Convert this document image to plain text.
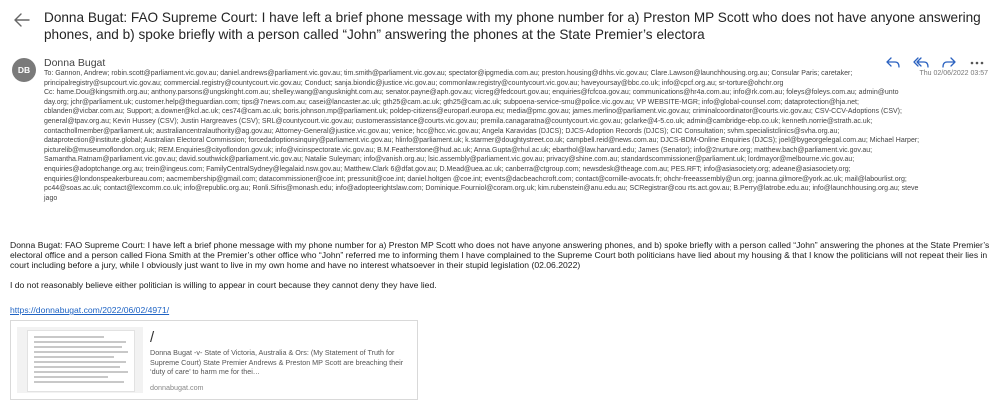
Donna Bugat: FAO Supreme Court: I have left a brief phone message with my phone number for a) Preston MP Scott who does not have anyone answering phones, and b) spoke briefly with a person called “John” answering the phones at the State Premier’s electora
DB
Donna Bugat
Thu 02/06/2022 03:57
To: Gannon, Andrew; robin.scott@parliament.vic.gov.au; daniel.andrews@parliament.vic.gov.au; tim.smith@parliament.vic.gov.au; spectator@ipgmedia.com.au; preston.housing@dhhs.vic.gov.au; Clare.Lawson@launchhousing.org.au; Consular Paris; caretaker; principalregistry@supcourt.vic.gov.au; commercial.registry@countycourt.vic.gov.au; Conduct; sanja.biondic@justice.vic.gov.au; commonlaw.registry@countycourt.vic.gov.au; haveyoursay@bbc.co.uk; info@cpcf.org.au; sr-torture@ohchr.org
Cc: hame.Dou@kingsmith.org.au; anthony.parsons@ungskinght.com.au; shelley.wang@angusknight.com.au; senator.payne@aph.gov.au; vicreg@fedcourt.gov.au; enquiries@fcfcoa.gov.au; communications@hr4a.com.au; info@rk.com.au; foleys@foleys.com.au; admin@unto day.org; jchr@parliament.uk; customer.help@theguardian.com; tips@7news.com.au; casei@lancaster.ac.uk; gth25@cam.ac.uk; gth25@cam.ac.uk; subpoena-service-smu@police.vic.gov.au; VP WEBSITE-MGR; info@global-counsel.com; dataprotection@hja.net; cblanden@vicbar.com.au; Support; a.downer@kcl.ac.uk; ces74@cam.ac.uk; boris.johnson.mp@parliament.uk; poldep-citizens@europarl.europa.eu; media@pmc.gov.au; james.merlino@parliament.vic.gov.au; criminalcoordinator@courts.vic.gov.au; CSV-CCV-Adoptions (CSV); general@tpav.org.au; Kevin Hussey (CSV); Justin Hargreaves (CSV); SRL@countycourt.vic.gov.au; customerassistance@courts.vic.gov.au; premila.canagaratna@countycourt.vic.gov.au; gclarke@4-5.co.uk; admin@cambridge-ebp.co.uk; kenneth.norrie@strath.ac.uk; contacthollmember@parliament.uk; australiancentralauthority@ag.gov.au; Attorney-General@justice.vic.gov.au; venice; hcc@hcc.vic.gov.au; Angela Karavidas (DJCS); DJCS-Adoption Records (DJCS); CIC Consultation; svhm.specialistclinics@svha.org.au; dataprotection@institute.global; Australian Electoral Commission; forcedadoptionsinquiry@parliament.vic.gov.au; hlinfo@parliament.uk; k.starmer@doughtystreet.co.uk; campbell.reid@news.com.au; DJCS-BDM-Online Enquiries (DJCS); joel@bygeorgelegal.com.au; Michael Harper; picturelib@museumoflondon.org.uk; REM.Enquiries@cityoflondon.gov.uk; info@vicinspectorate.vic.gov.au; B.M.Featherstone@hud.ac.uk; Anna.Gupta@rhul.ac.uk; ebarthol@law.harvard.edu; James (Senator); info@2nurture.org; matthew.bach@parliament.vic.gov.au; Samantha.Ratnam@parliament.vic.gov.au; david.southwick@parliament.vic.gov.au; Natalie Suleyman; info@vanish.org.au; lsic.assembly@parliament.vic.gov.au; privacy@shine.com.au; standardscommissioner@parliament.uk; lordmayor@melbourne.vic.gov.au; enquiries@adoptchange.org.au; trein@ingeus.com; FamilyCentralSydney@legalaid.nsw.gov.au; Matthew.Clark 6@dfat.gov.au; D.Mead@uea.ac.uk; canberra@ctgroup.com; newsdesk@theage.com.au; PES.RFT; info@asiasociety.org; adeane@asiasociety.org; enquiries@londonspeakerbureau.com; aacmembership@gmail.com; datacommissioner@coe.int; pressunit@coe.int; daniel.holtgen @coe.int; events@dacbeachcroft.com; contact@cornille-avocats.fr; ohchr-freeassembly@un.org; joanna.gilmore@york.ac.uk; mail@labourlist.org; pc44@soas.ac.uk; contact@lexcomm.co.uk; info@republic.org.au; Ronli.Sifris@monash.edu; info@adopteerightslaw.com; Dominique.Fourniol@coram.org.uk; kim.rubenstein@anu.edu.au; SCRegistrar@cou rts.act.gov.au; B.Perry@latrobe.edu.au; info@launchhousing.org.au; steve jago
Donna Bugat: FAO Supreme Court: I have left a brief phone message with my phone number for a) Preston MP Scott who does not have anyone answering phones, and b) spoke briefly with a person called “John” answering the phones at the State Premier’s electoral office and a person called Fiona Smith at the Premier’s other office who “John” referred me to informing them I have complained to the Supreme Court both politicians have lied about my housing & that I know the politicians will not repeat their lies in court including before a jury, while I obviously just want to live in my own home and have no interest whatsoever in their stupid legislation (02.06.2022)
I do not reasonably believe either politician is willing to appear in court because they cannot deny they have lied.
https://donnabugat.com/2022/06/02/4971/
/
Donna Bugat -v- State of Victoria, Australia & Ors: (My Statement of Truth for Supreme Court) State Premier Andrews & Preston MP Scott are breaching their ‘duty of care’ to harm me for thei…
donnabugat.com
